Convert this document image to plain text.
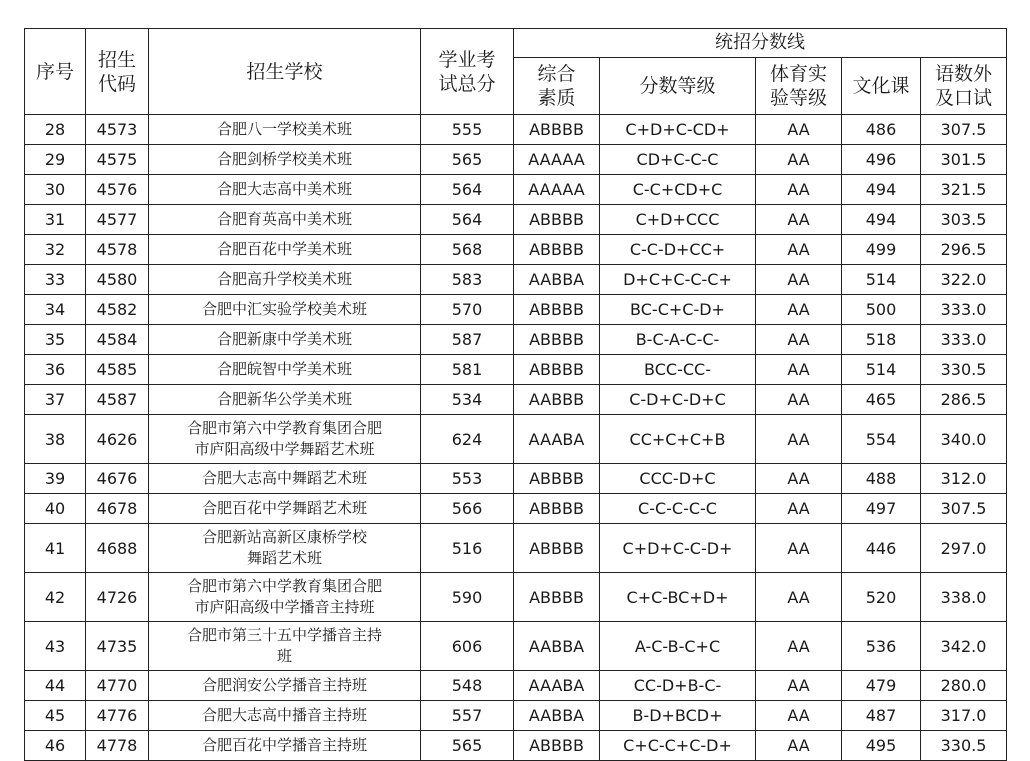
序号	招生
代码	招生学校	学业考
试总分	统招分数线				

				综合
素质	分数等级	体育实
验等级	文化课	语数外
及口试

28	4573	合肥八一学校美术班	555	ABBBB	C+D+C-CD+	AA	486	307.5
29	4575	合肥剑桥学校美术班	565	AAAAA	CD+C-C-C	AA	496	301.5
30	4576	合肥大志高中美术班	564	AAAAA	C-C+CD+C	AA	494	321.5
31	4577	合肥育英高中美术班	564	ABBBB	C+D+CCC	AA	494	303.5
32	4578	合肥百花中学美术班	568	ABBBB	C-C-D+CC+	AA	499	296.5
33	4580	合肥高升学校美术班	583	AABBA	D+C+C-C-C+	AA	514	322.0
34	4582	合肥中汇实验学校美术班	570	ABBBB	BC-C+C-D+	AA	500	333.0
35	4584	合肥新康中学美术班	587	ABBBB	B-C-A-C-C-	AA	518	333.0
36	4585	合肥皖智中学美术班	581	ABBBB	BCC-CC-	AA	514	330.5
37	4587	合肥新华公学美术班	534	AABBB	C-D+C-D+C	AA	465	286.5
38	4626	合肥市第六中学教育集团合肥
市庐阳高级中学舞蹈艺术班	624	AAABA	CC+C+C+B	AA	554	340.0
39	4676	合肥大志高中舞蹈艺术班	553	ABBBB	CCC-D+C	AA	488	312.0
40	4678	合肥百花中学舞蹈艺术班	566	ABBBB	C-C-C-C-C	AA	497	307.5
41	4688	合肥新站高新区康桥学校
舞蹈艺术班	516	ABBBB	C+D+C-C-D+	AA	446	297.0
42	4726	合肥市第六中学教育集团合肥
市庐阳高级中学播音主持班	590	ABBBB	C+C-BC+D+	AA	520	338.0
43	4735	合肥市第三十五中学播音主持
班	606	AABBA	A-C-B-C+C	AA	536	342.0
44	4770	合肥润安公学播音主持班	548	AAABA	CC-D+B-C-	AA	479	280.0
45	4776	合肥大志高中播音主持班	557	AABBA	B-D+BCD+	AA	487	317.0
46	4778	合肥百花中学播音主持班	565	ABBBB	C+C-C+C-D+	AA	495	330.5
